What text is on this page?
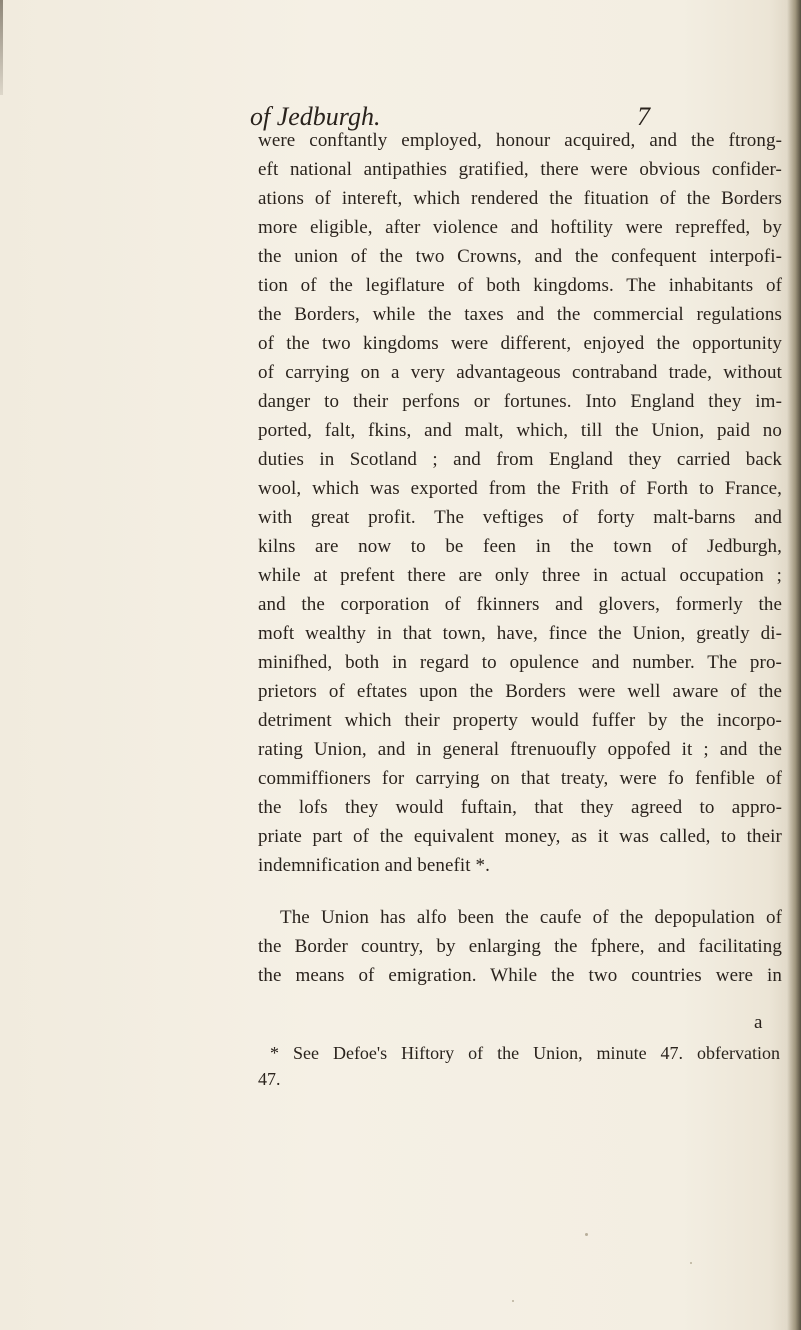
of Jedburgh.	7
were conftantly employed, honour acquired, and the ftrong-
eft national antipathies gratified, there were obvious confider-
ations of intereft, which rendered the fituation of the Borders
more eligible, after violence and hoftility were repreffed, by
the union of the two Crowns, and the confequent interpofi-
tion of the legiflature of both kingdoms. The inhabitants of
the Borders, while the taxes and the commercial regulations
of the two kingdoms were different, enjoyed the opportunity
of carrying on a very advantageous contraband trade, without
danger to their perfons or fortunes. Into England they im-
ported, falt, fkins, and malt, which, till the Union, paid no
duties in Scotland ; and from England they carried back
wool, which was exported from the Frith of Forth to France,
with great profit. The veftiges of forty malt-barns and
kilns are now to be feen in the town of Jedburgh,
while at prefent there are only three in actual occupation ;
and the corporation of fkinners and glovers, formerly the
moft wealthy in that town, have, fince the Union, greatly di-
minifhed, both in regard to opulence and number. The pro-
prietors of eftates upon the Borders were well aware of the
detriment which their property would fuffer by the incorpo-
rating Union, and in general ftrenuoufly oppofed it ; and the
commiffioners for carrying on that treaty, were fo fenfible of
the lofs they would fuftain, that they agreed to appro-
priate part of the equivalent money, as it was called, to their
indemnification and benefit *.
The Union has alfo been the caufe of the depopulation of
the Border country, by enlarging the fphere, and facilitating
the means of emigration. While the two countries were in
a
* See Defoe's Hiftory of the Union, minute 47. obfervation
47.
